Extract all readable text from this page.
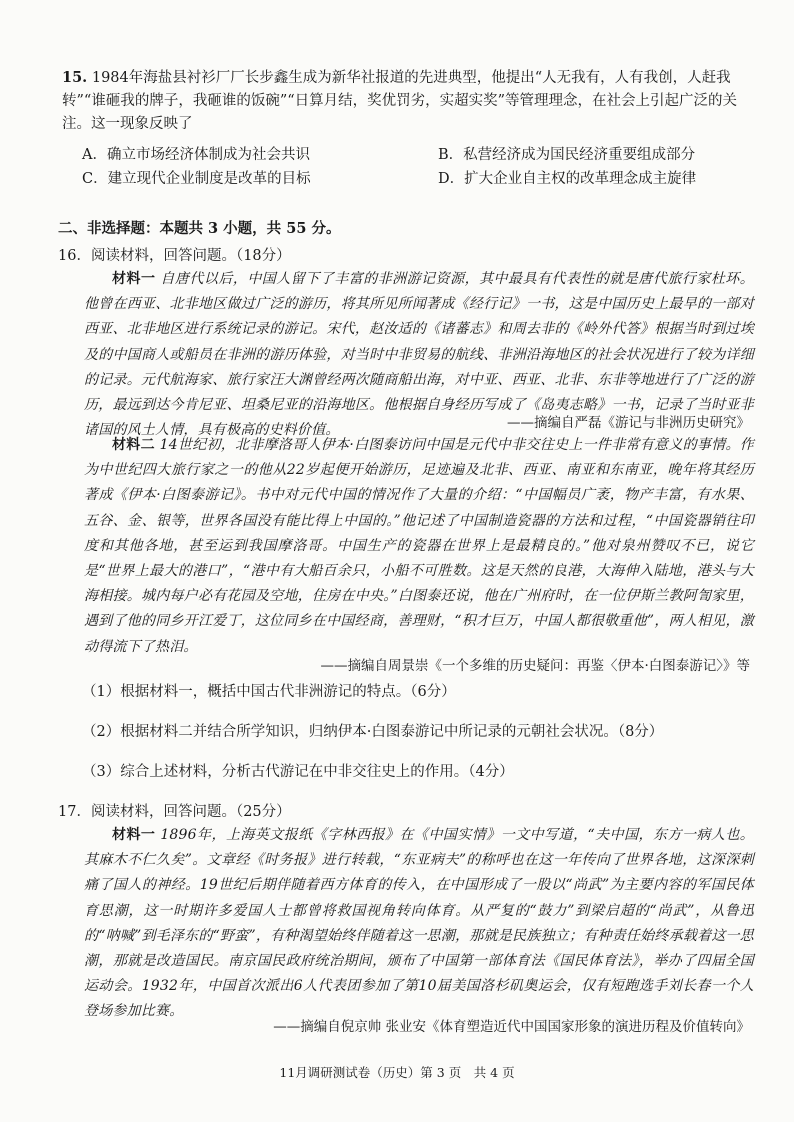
15. 1984年海盐县衬衫厂厂长步鑫生成为新华社报道的先进典型，他提出“人无我有，人有我创，人赶我转”“谁砸我的牌子，我砸谁的饭碗”“日算月结，奖优罚劣，实超实奖”等管理理念，在社会上引起广泛的关注。这一现象反映了
A．确立市场经济体制成为社会共识	B．私营经济成为国民经济重要组成部分
C．建立现代企业制度是改革的目标	D．扩大企业自主权的改革理念成主旋律
二、非选择题：本题共 3 小题，共 55 分。
16．阅读材料，回答问题。（18分）
材料一 自唐代以后，中国人留下了丰富的非洲游记资源，其中最具有代表性的就是唐代旅行家杜环。他曾在西亚、北非地区做过广泛的游历，将其所见所闻著成《经行记》一书，这是中国历史上最早的一部对西亚、北非地区进行系统记录的游记。宋代，赵汝适的《诸蕃志》和周去非的《岭外代答》根据当时到过埃及的中国商人或船员在非洲的游历体验，对当时中非贸易的航线、非洲沿海地区的社会状况进行了较为详细的记录。元代航海家、旅行家汪大渊曾经两次随商船出海，对中亚、西亚、北非、东非等地进行了广泛的游历，最远到达今肯尼亚、坦桑尼亚的沿海地区。他根据自身经历写成了《岛夷志略》一书，记录了当时亚非诸国的风土人情，具有极高的史料价值。	——摘编自严磊《游记与非洲历史研究》
材料二 14世纪初，北非摩洛哥人伊本·白图泰访问中国是元代中非交往史上一件非常有意义的事情。作为中世纪四大旅行家之一的他从22岁起便开始游历，足迹遍及北非、西亚、南亚和东南亚，晚年将其经历著成《伊本·白图泰游记》。书中对元代中国的情况作了大量的介绍：“中国幅员广袤，物产丰富，有水果、五谷、金、银等，世界各国没有能比得上中国的。”他记述了中国制造瓷器的方法和过程，“中国瓷器销往印度和其他各地，甚至运到我国摩洛哥。中国生产的瓷器在世界上是最精良的。”他对泉州赞叹不已，说它是“世界上最大的港口”，“港中有大船百余只，小船不可胜数。这是天然的良港，大海伸入陆地，港头与大海相接。城内每户必有花园及空地，住房在中央。”白图泰还说，他在广州府时，在一位伊斯兰教阿訇家里，遇到了他的同乡开江爱丁，这位同乡在中国经商，善理财，“积才巨万，中国人都很敬重他”，两人相见，激动得流下了热泪。
——摘编自周景崇《一个多维的历史疑问：再鉴〈伊本·白图泰游记〉》等
（1）根据材料一，概括中国古代非洲游记的特点。（6分）
（2）根据材料二并结合所学知识，归纳伊本·白图泰游记中所记录的元朝社会状况。（8分）
（3）综合上述材料，分析古代游记在中非交往史上的作用。（4分）
17．阅读材料，回答问题。（25分）
材料一 1896年，上海英文报纸《字林西报》在《中国实情》一文中写道，“夫中国，东方一病人也。其麻木不仁久矣”。文章经《时务报》进行转载，“东亚病夫”的称呼也在这一年传向了世界各地，这深深刺痛了国人的神经。19世纪后期伴随着西方体育的传入，在中国形成了一股以“尚武”为主要内容的军国民体育思潮，这一时期许多爱国人士都曾将救国视角转向体育。从严复的“鼓力”到梁启超的“尚武”，从鲁迅的“呐喊”到毛泽东的“野蛮”，有种渴望始终伴随着这一思潮，那就是民族独立；有种责任始终承载着这一思潮，那就是改造国民。南京国民政府统治期间，颁布了中国第一部体育法《国民体育法》，举办了四届全国运动会。1932年，中国首次派出6人代表团参加了第10届美国洛杉矶奥运会，仅有短跑选手刘长春一个人登场参加比赛。
——摘编自倪京帅 张业安《体育塑造近代中国国家形象的演进历程及价值转向》
11月调研测试卷（历史）第 3 页　共 4 页
